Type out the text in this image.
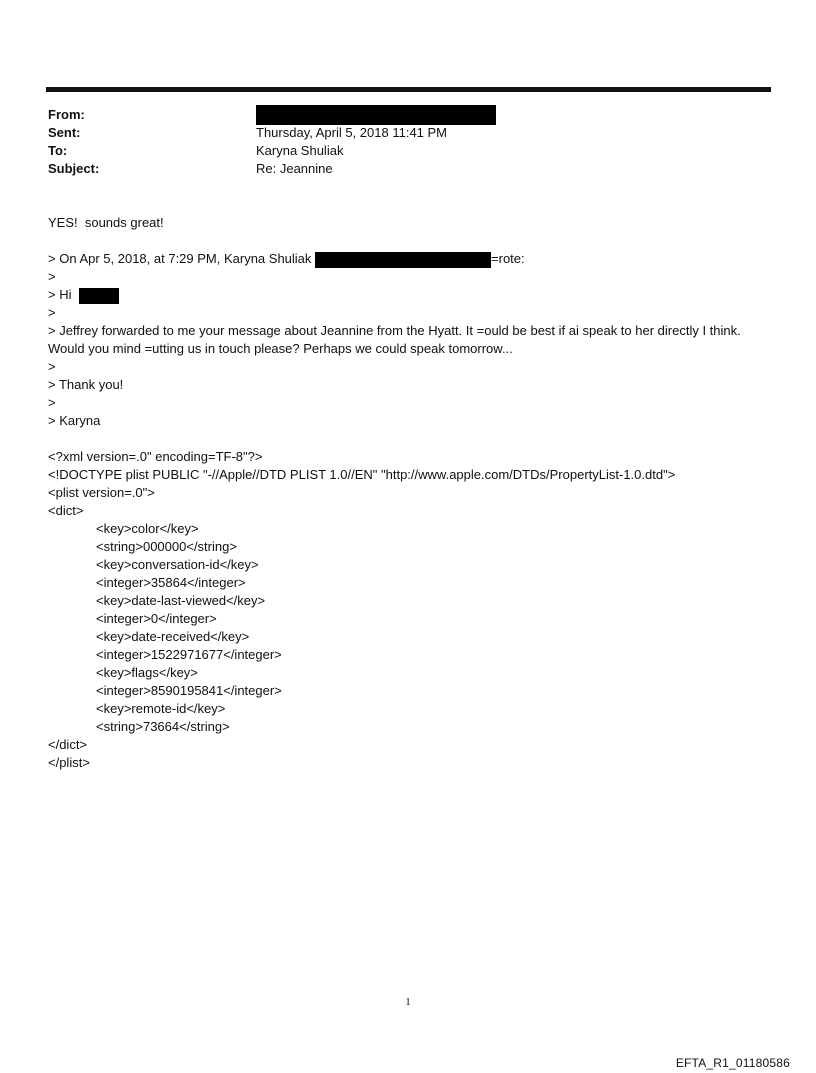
From:
Sent:	Thursday, April 5, 2018 11:41 PM
To:	Karyna Shuliak
Subject:	Re: Jeannine
YES!  sounds great!
> On Apr 5, 2018, at 7:29 PM, Karyna Shuliak	=rote:
>
> Hi
>
> Jeffrey forwarded to me your message about Jeannine from the Hyatt. It =ould be best if ai speak to her directly I think. Would you mind =utting us in touch please? Perhaps we could speak tomorrow...
>
> Thank you!
>
> Karyna
<?xml version=.0" encoding=TF-8"?>
<!DOCTYPE plist PUBLIC "-//Apple//DTD PLIST 1.0//EN" "http://www.apple.com/DTDs/PropertyList-1.0.dtd">
<plist version=.0">
<dict>
<key>color</key>
<string>000000</string>
<key>conversation-id</key>
<integer>35864</integer>
<key>date-last-viewed</key>
<integer>0</integer>
<key>date-received</key>
<integer>1522971677</integer>
<key>flags</key>
<integer>8590195841</integer>
<key>remote-id</key>
<string>73664</string>
</dict>
</plist>
1
EFTA_R1_01180586
